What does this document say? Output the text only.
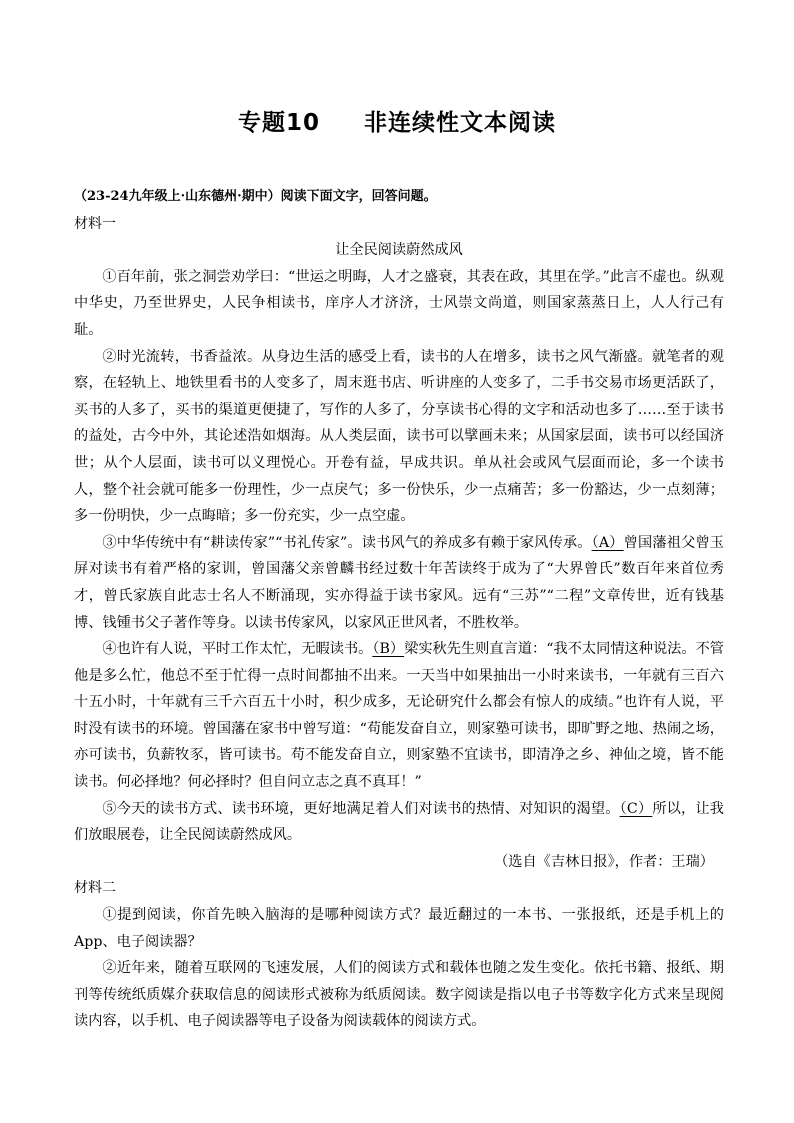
专题10 非连续性文本阅读

（23-24九年级上·山东德州·期中）阅读下面文字，回答问题。

材料一

让全民阅读蔚然成风

①百年前，张之洞尝劝学曰：“世运之明晦，人才之盛衰，其表在政，其里在学。”此言不虚也。纵观中华史，乃至世界史，人民争相读书，庠序人才济济，士风崇文尚道，则国家蒸蒸日上，人人行己有耻。

②时光流转，书香益浓。从身边生活的感受上看，读书的人在增多，读书之风气渐盛。就笔者的观察，在轻轨上、地铁里看书的人变多了，周末逛书店、听讲座的人变多了，二手书交易市场更活跃了，买书的人多了，买书的渠道更便捷了，写作的人多了，分享读书心得的文字和活动也多了……至于读书的益处，古今中外，其论述浩如烟海。从人类层面，读书可以擘画未来；从国家层面，读书可以经国济世；从个人层面，读书可以义理悦心。开卷有益，早成共识。单从社会或风气层面而论，多一个读书人，整个社会就可能多一份理性，少一点戾气；多一份快乐，少一点痛苦；多一份豁达，少一点刻薄；多一份明快，少一点晦暗；多一份充实，少一点空虚。

③中华传统中有“耕读传家”“书礼传家”。读书风气的养成多有赖于家风传承。（A）曾国藩祖父曾玉屏对读书有着严格的家训，曾国藩父亲曾麟书经过数十年苦读终于成为了“大界曾氏”数百年来首位秀才，曾氏家族自此志士名人不断涌现，实亦得益于读书家风。远有“三苏”“二程”文章传世，近有钱基博、钱锺书父子著作等身。以读书传家风，以家风正世风者，不胜枚举。

④也许有人说，平时工作太忙，无暇读书。（B）梁实秋先生则直言道：“我不太同情这种说法。不管他是多么忙，他总不至于忙得一点时间都抽不出来。一天当中如果抽出一小时来读书，一年就有三百六十五小时，十年就有三千六百五十小时，积少成多，无论研究什么都会有惊人的成绩。”也许有人说，平时没有读书的环境。曾国藩在家书中曾写道：“苟能发奋自立，则家塾可读书，即旷野之地、热闹之场，亦可读书，负薪牧豕，皆可读书。苟不能发奋自立，则家塾不宜读书，即清净之乡、神仙之境，皆不能读书。何必择地？何必择时？但自问立志之真不真耳！”

⑤今天的读书方式、读书环境，更好地满足着人们对读书的热情、对知识的渴望。（C）所以，让我们放眼展卷，让全民阅读蔚然成风。

（选自《吉林日报》，作者：王瑞）

材料二

①提到阅读，你首先映入脑海的是哪种阅读方式？最近翻过的一本书、一张报纸，还是手机上的App、电子阅读器？

②近年来，随着互联网的飞速发展，人们的阅读方式和载体也随之发生变化。依托书籍、报纸、期刊等传统纸质媒介获取信息的阅读形式被称为纸质阅读。数字阅读是指以电子书等数字化方式来呈现阅读内容，以手机、电子阅读器等电子设备为阅读载体的阅读方式。
